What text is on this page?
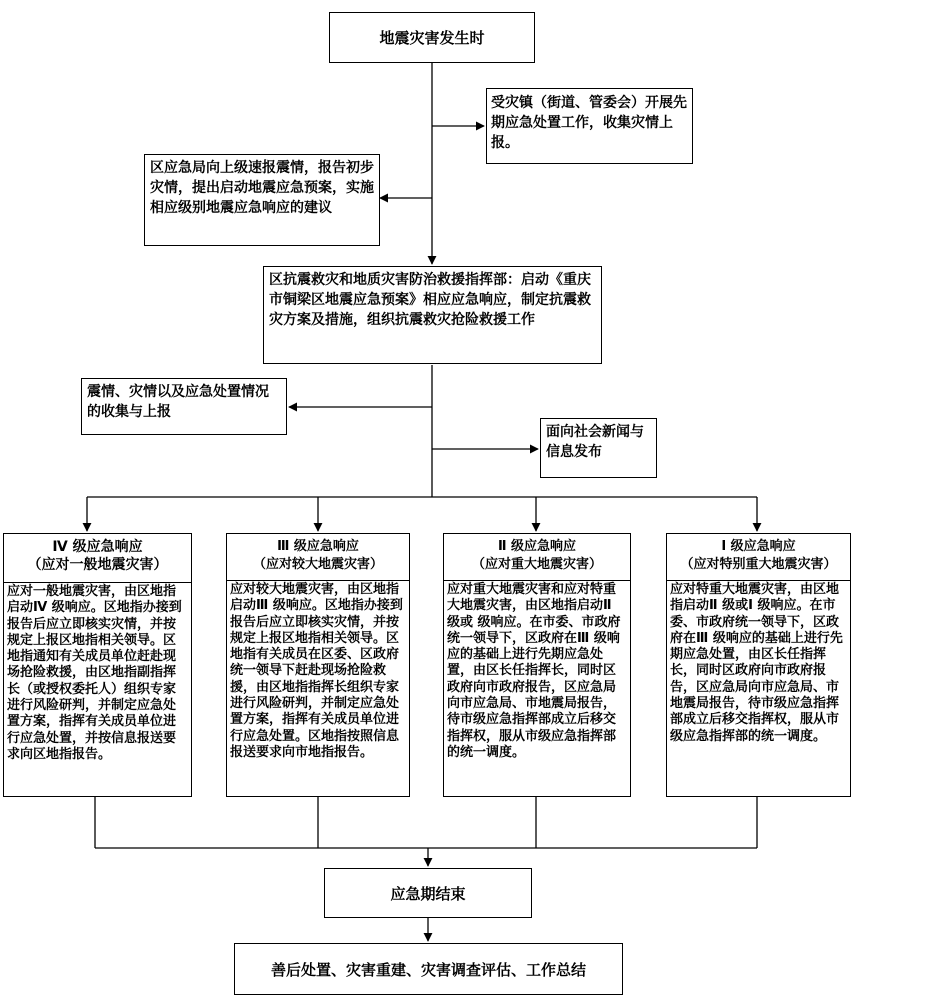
地震灾害发生时
受灾镇（街道、管委会）开展先期应急处置工作，收集灾情上报。
区应急局向上级速报震情，报告初步灾情，提出启动地震应急预案，实施相应级别地震应急响应的建议
区抗震救灾和地质灾害防治救援指挥部：启动《重庆市铜梁区地震应急预案》相应应急响应，制定抗震救灾方案及措施，组织抗震救灾抢险救援工作
震情、灾情以及应急处置情况的收集与上报
面向社会新闻与信息发布
Ⅳ 级应急响应
（应对一般地震灾害）
应对一般地震灾害，由区地指启动Ⅳ 级响应。区地指办接到报告后应立即核实灾情，并按规定上报区地指相关领导。区地指通知有关成员单位赶赴现场抢险救援，由区地指副指挥长（或授权委托人）组织专家进行风险研判，并制定应急处置方案，指挥有关成员单位进行应急处置，并按信息报送要求向区地指报告。
Ⅲ 级应急响应
（应对较大地震灾害）
应对较大地震灾害，由区地指启动Ⅲ 级响应。区地指办接到报告后应立即核实灾情，并按规定上报区地指相关领导。区地指有关成员在区委、区政府统一领导下赶赴现场抢险救援，由区地指指挥长组织专家进行风险研判，并制定应急处置方案，指挥有关成员单位进行应急处置。区地指按照信息报送要求向市地指报告。
Ⅱ 级应急响应
（应对重大地震灾害）
应对重大地震灾害和应对特重大地震灾害，由区地指启动Ⅱ 级或 级响应。在市委、市政府统一领导下，区政府在Ⅲ 级响应的基础上进行先期应急处置，由区长任指挥长，同时区政府向市政府报告，区应急局向市应急局、市地震局报告，待市级应急指挥部成立后移交指挥权，服从市级应急指挥部的统一调度。
Ⅰ 级应急响应
（应对特别重大地震灾害）
应对特重大地震灾害，由区地指启动Ⅱ 级或Ⅰ 级响应。在市委、市政府统一领导下，区政府在Ⅲ 级响应的基础上进行先期应急处置，由区长任指挥长，同时区政府向市政府报告，区应急局向市应急局、市地震局报告，待市级应急指挥部成立后移交指挥权，服从市级应急指挥部的统一调度。
应急期结束
善后处置、灾害重建、灾害调查评估、工作总结
